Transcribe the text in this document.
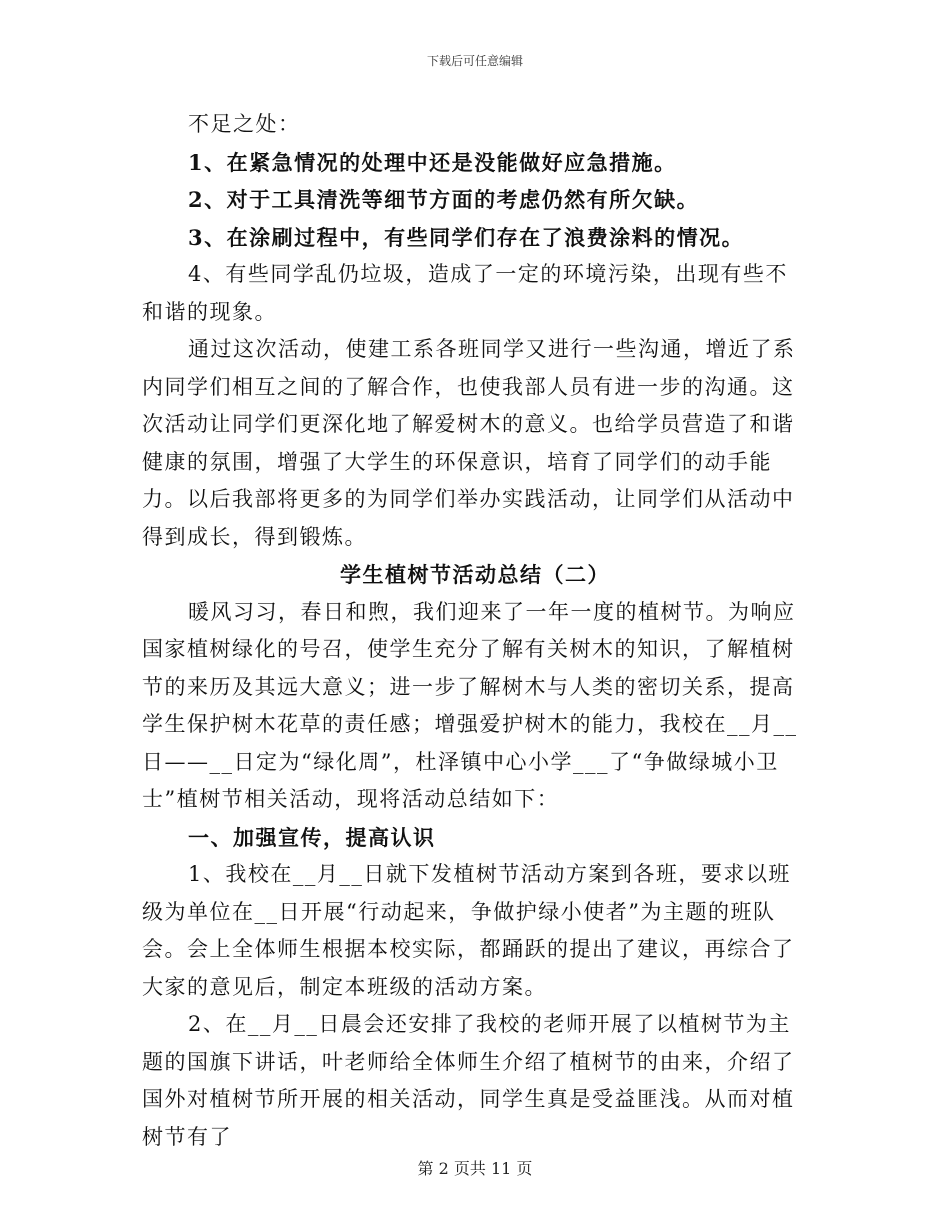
下载后可任意编辑

不足之处：

1、在紧急情况的处理中还是没能做好应急措施。

2、对于工具清洗等细节方面的考虑仍然有所欠缺。

3、在涂刷过程中，有些同学们存在了浪费涂料的情况。

4、有些同学乱仍垃圾，造成了一定的环境污染，出现有些不和谐的现象。

通过这次活动，使建工系各班同学又进行一些沟通，增近了系内同学们相互之间的了解合作，也使我部人员有进一步的沟通。这次活动让同学们更深化地了解爱树木的意义。也给学员营造了和谐健康的氛围，增强了大学生的环保意识，培育了同学们的动手能力。以后我部将更多的为同学们举办实践活动，让同学们从活动中得到成长，得到锻炼。

学生植树节活动总结（二）

暖风习习，春日和煦，我们迎来了一年一度的植树节。为响应国家植树绿化的号召，使学生充分了解有关树木的知识，了解植树节的来历及其远大意义；进一步了解树木与人类的密切关系，提高学生保护树木花草的责任感；增强爱护树木的能力，我校在__月__日——__日定为“绿化周”，杜泽镇中心小学___了“争做绿城小卫士”植树节相关活动，现将活动总结如下：

一、加强宣传，提高认识

1、我校在__月__日就下发植树节活动方案到各班，要求以班级为单位在__日开展“行动起来，争做护绿小使者”为主题的班队会。会上全体师生根据本校实际，都踊跃的提出了建议，再综合了大家的意见后，制定本班级的活动方案。

2、在__月__日晨会还安排了我校的老师开展了以植树节为主题的国旗下讲话，叶老师给全体师生介绍了植树节的由来，介绍了国外对植树节所开展的相关活动，同学生真是受益匪浅。从而对植树节有了

第 2 页共 11 页
